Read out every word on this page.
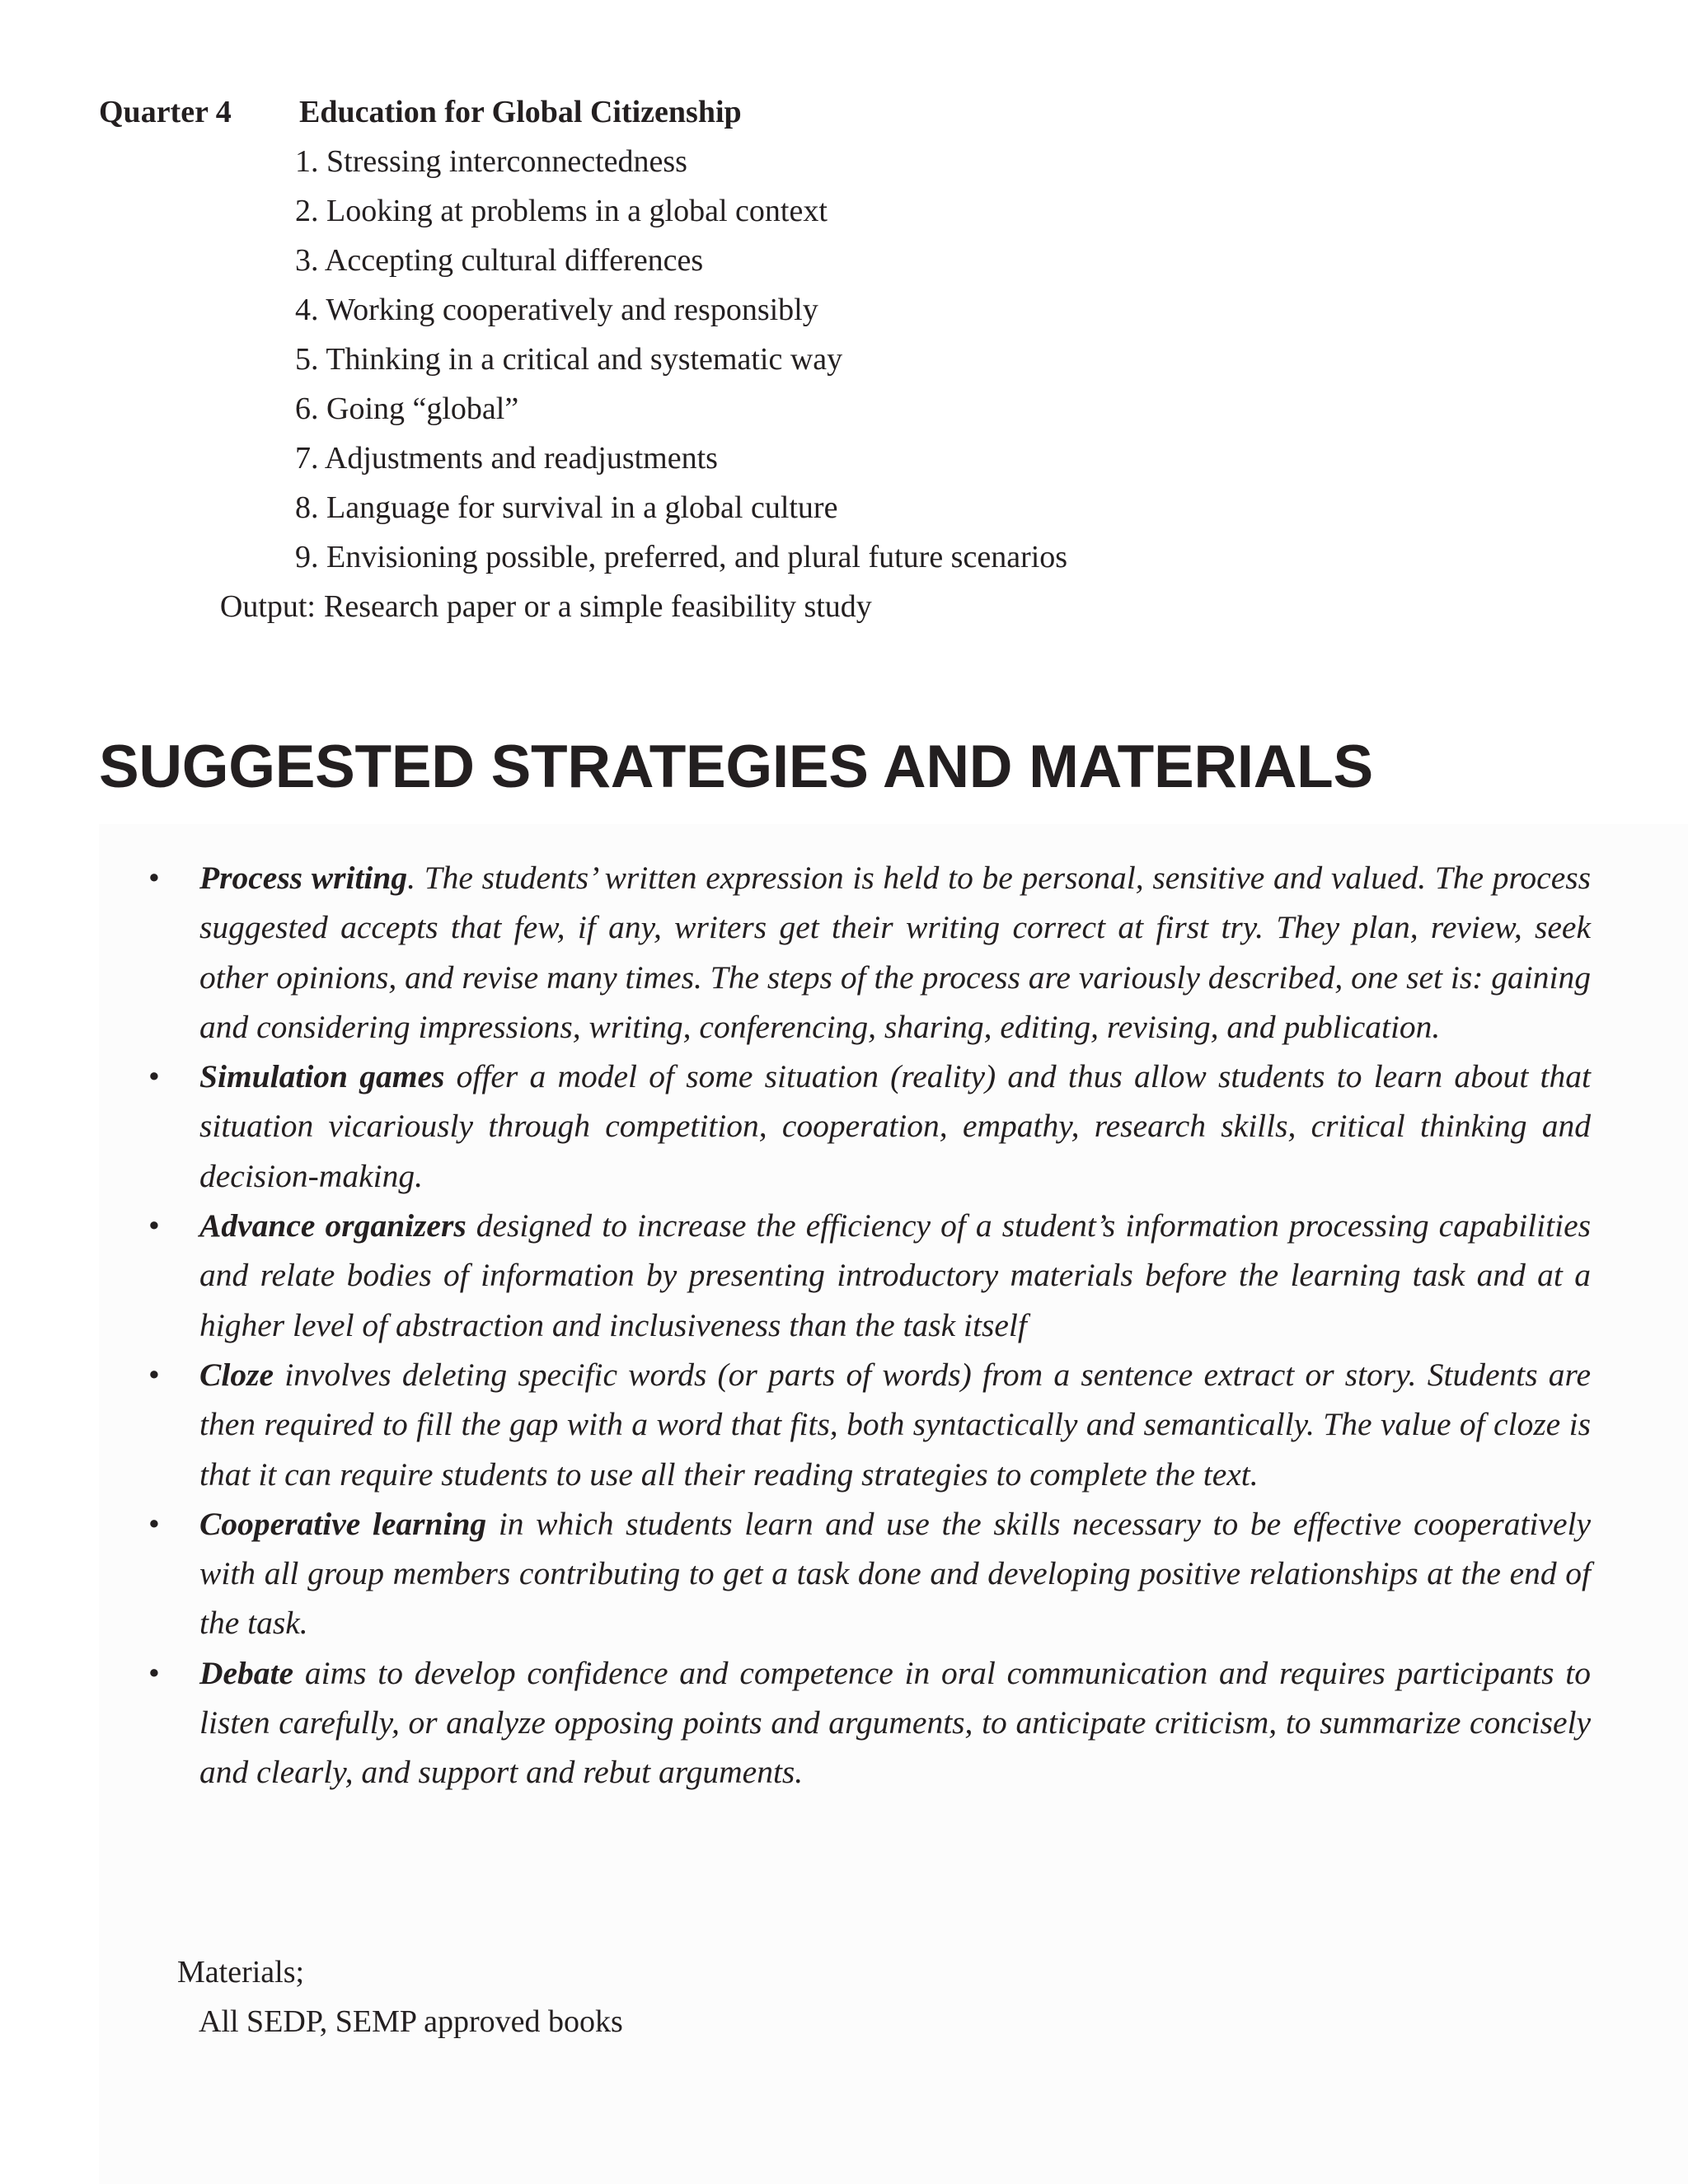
Quarter 4	Education for Global Citizenship
1. Stressing interconnectedness
2. Looking at problems in a global context
3. Accepting cultural differences
4. Working cooperatively and responsibly
5. Thinking in a critical and systematic way
6. Going “global”
7. Adjustments and readjustments
8. Language for survival in a global culture
9. Envisioning possible, preferred, and plural future scenarios
Output: Research paper or a simple feasibility study
SUGGESTED STRATEGIES AND MATERIALS
• Process writing. The students’ written expression is held to be personal, sensitive and valued. The process suggested accepts that few, if any, writers get their writing correct at first try. They plan, review, seek other opinions, and revise many times. The steps of the process are variously described, one set is: gaining and considering impressions, writing, conferencing, sharing, editing, revising, and publication.
• Simulation games offer a model of some situation (reality) and thus allow students to learn about that situation vicariously through competition, cooperation, empathy, research skills, critical thinking and decision-making.
• Advance organizers designed to increase the efficiency of a student’s information processing capabilities and relate bodies of information by presenting introductory materials before the learning task and at a higher level of abstraction and inclusiveness than the task itself
• Cloze involves deleting specific words (or parts of words) from a sentence extract or story. Students are then required to fill the gap with a word that fits, both syntactically and semantically. The value of cloze is that it can require students to use all their reading strategies to complete the text.
• Cooperative learning in which students learn and use the skills necessary to be effective cooperatively with all group members contributing to get a task done and developing positive relationships at the end of the task.
• Debate aims to develop confidence and competence in oral communication and requires participants to listen carefully, or analyze opposing points and arguments, to anticipate criticism, to summarize concisely and clearly, and support and rebut arguments.
Materials;
All SEDP, SEMP approved books
